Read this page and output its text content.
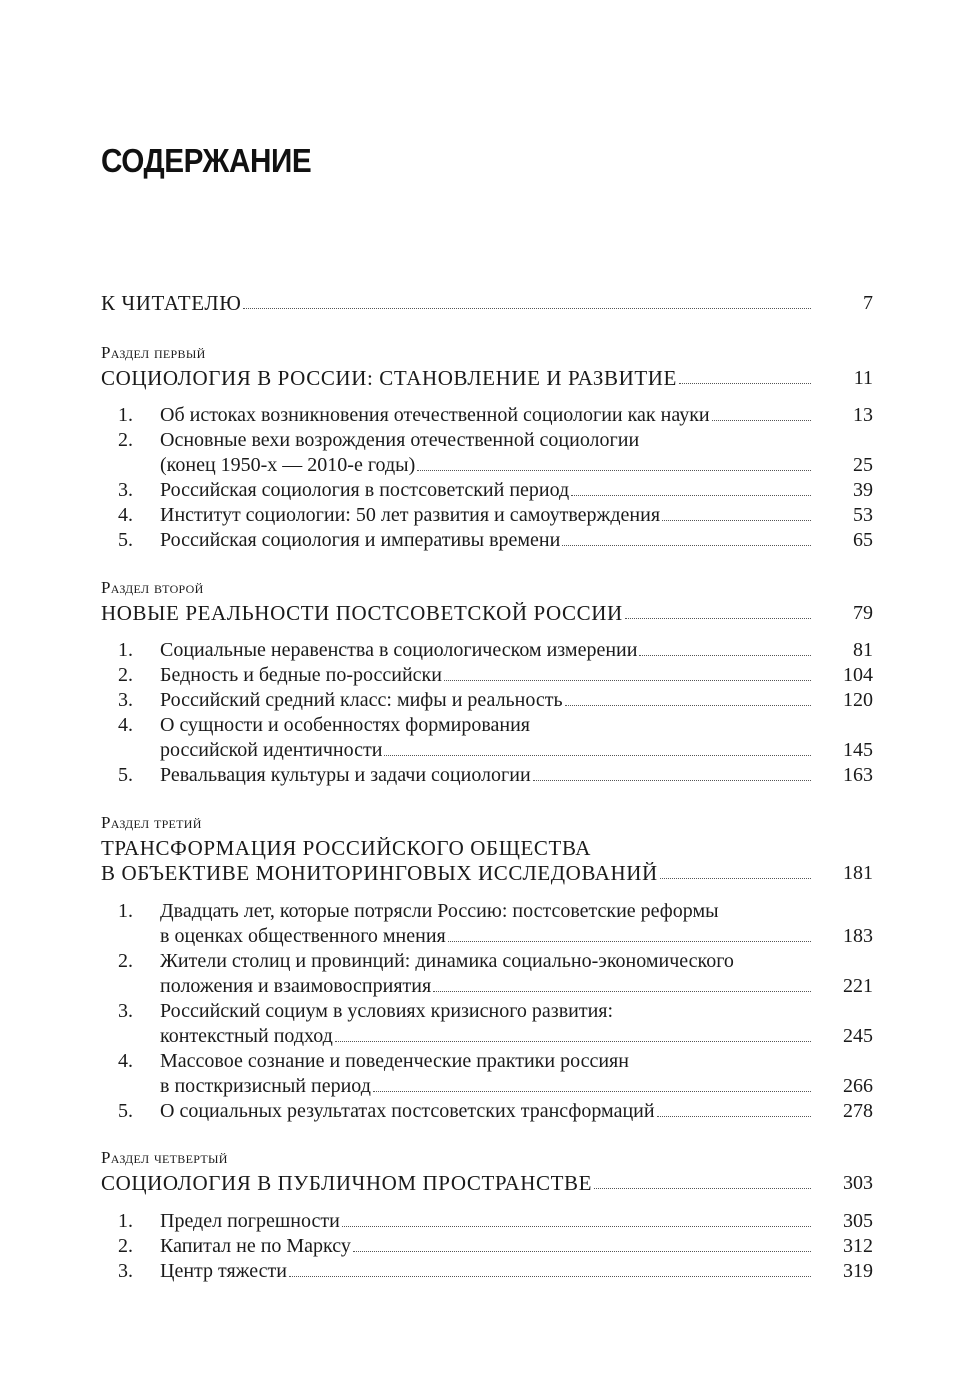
СОДЕРЖАНИЕ
К ЧИТАТЕЛЮ	7
Раздел первый
СОЦИОЛОГИЯ В РОССИИ: СТАНОВЛЕНИЕ И РАЗВИТИЕ	11
1. Об истоках возникновения отечественной социологии как науки	13
2. Основные вехи возрождения отечественной социологии
(конец 1950-х — 2010-е годы)	25
3. Российская социология в постсоветский период	39
4. Институт социологии: 50 лет развития и самоутверждения	53
5. Российская социология и императивы времени	65
Раздел второй
НОВЫЕ РЕАЛЬНОСТИ ПОСТСОВЕТСКОЙ РОССИИ	79
1. Социальные неравенства в социологическом измерении	81
2. Бедность и бедные по-российски	104
3. Российский средний класс: мифы и реальность	120
4. О сущности и особенностях формирования
российской идентичности	145
5. Ревальвация культуры и задачи социологии	163
Раздел третий
ТРАНСФОРМАЦИЯ РОССИЙСКОГО ОБЩЕСТВА
В ОБЪЕКТИВЕ МОНИТОРИНГОВЫХ ИССЛЕДОВАНИЙ	181
1. Двадцать лет, которые потрясли Россию: постсоветские реформы
в оценках общественного мнения	183
2. Жители столиц и провинций: динамика социально-экономического
положения и взаимовосприятия	221
3. Российский социум в условиях кризисного развития:
контекстный подход	245
4. Массовое сознание и поведенческие практики россиян
в посткризисный период	266
5. О социальных результатах постсоветских трансформаций	278
Раздел четвертый
СОЦИОЛОГИЯ В ПУБЛИЧНОМ ПРОСТРАНСТВЕ	303
1. Предел погрешности	305
2. Капитал не по Марксу	312
3. Центр тяжести	319
